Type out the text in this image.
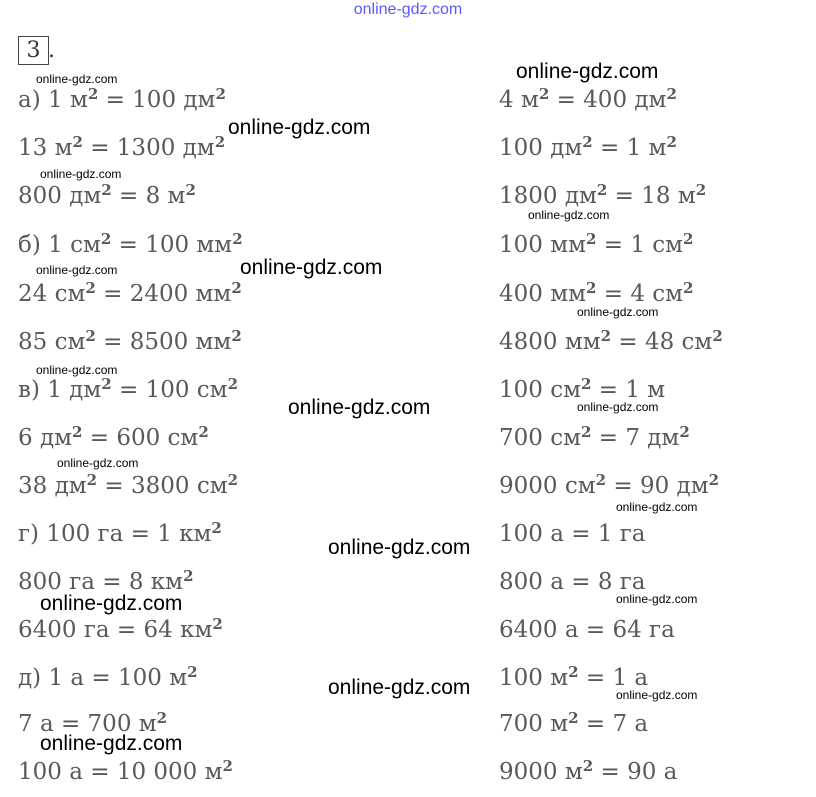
online-gdz.com
3 .
а) 1 $м^2 = 100$ $дм^2$
13 $м^2 = 1300$ $дм^2$
800 $дм^2 = 8$ $м^2$
б) 1 $см^2 = 100$ $мм^2$
24 $см^2 = 2400$ $мм^2$
85 $см^2 = 8500$ $мм^2$
в) 1 $дм^2 = 100$ $см^2$
6 $дм^2 = 600$ $см^2$
38 $дм^2 = 3800$ $см^2$
г) 100 га = 1 $км^2$
800 га = 8 $км^2$
6400 га = 64 $км^2$
д) 1 а = 100 $м^2$
7 а = 700 $м^2$
100 а = 10 000 $м^2$
4 $м^2 = 400$ $дм^2$
100 $дм^2 = 1$ $м^2$
1800 $дм^2 = 18$ $м^2$
100 $мм^2 = 1$ $см^2$
400 $мм^2 = 4$ $см^2$
4800 $мм^2 = 48$ $см^2$
100 $см^2 = 1$ м
700 $см^2 = 7$ $дм^2$
9000 $см^2 = 90$ $дм^2$
100 а = 1 га
800 а = 8 га
6400 а = 64 га
100 $м^2 = 1$ а
700 $м^2 = 7$ а
9000 $м^2 = 90$ а
online-gdz.com	online-gdz.com
online-gdz.com
online-gdz.com
online-gdz.com
online-gdz.com	online-gdz.com
online-gdz.com
online-gdz.com
online-gdz.com	online-gdz.com
online-gdz.com
online-gdz.com
online-gdz.com
online-gdz.com	online-gdz.com
online-gdz.com	online-gdz.com
online-gdz.com
